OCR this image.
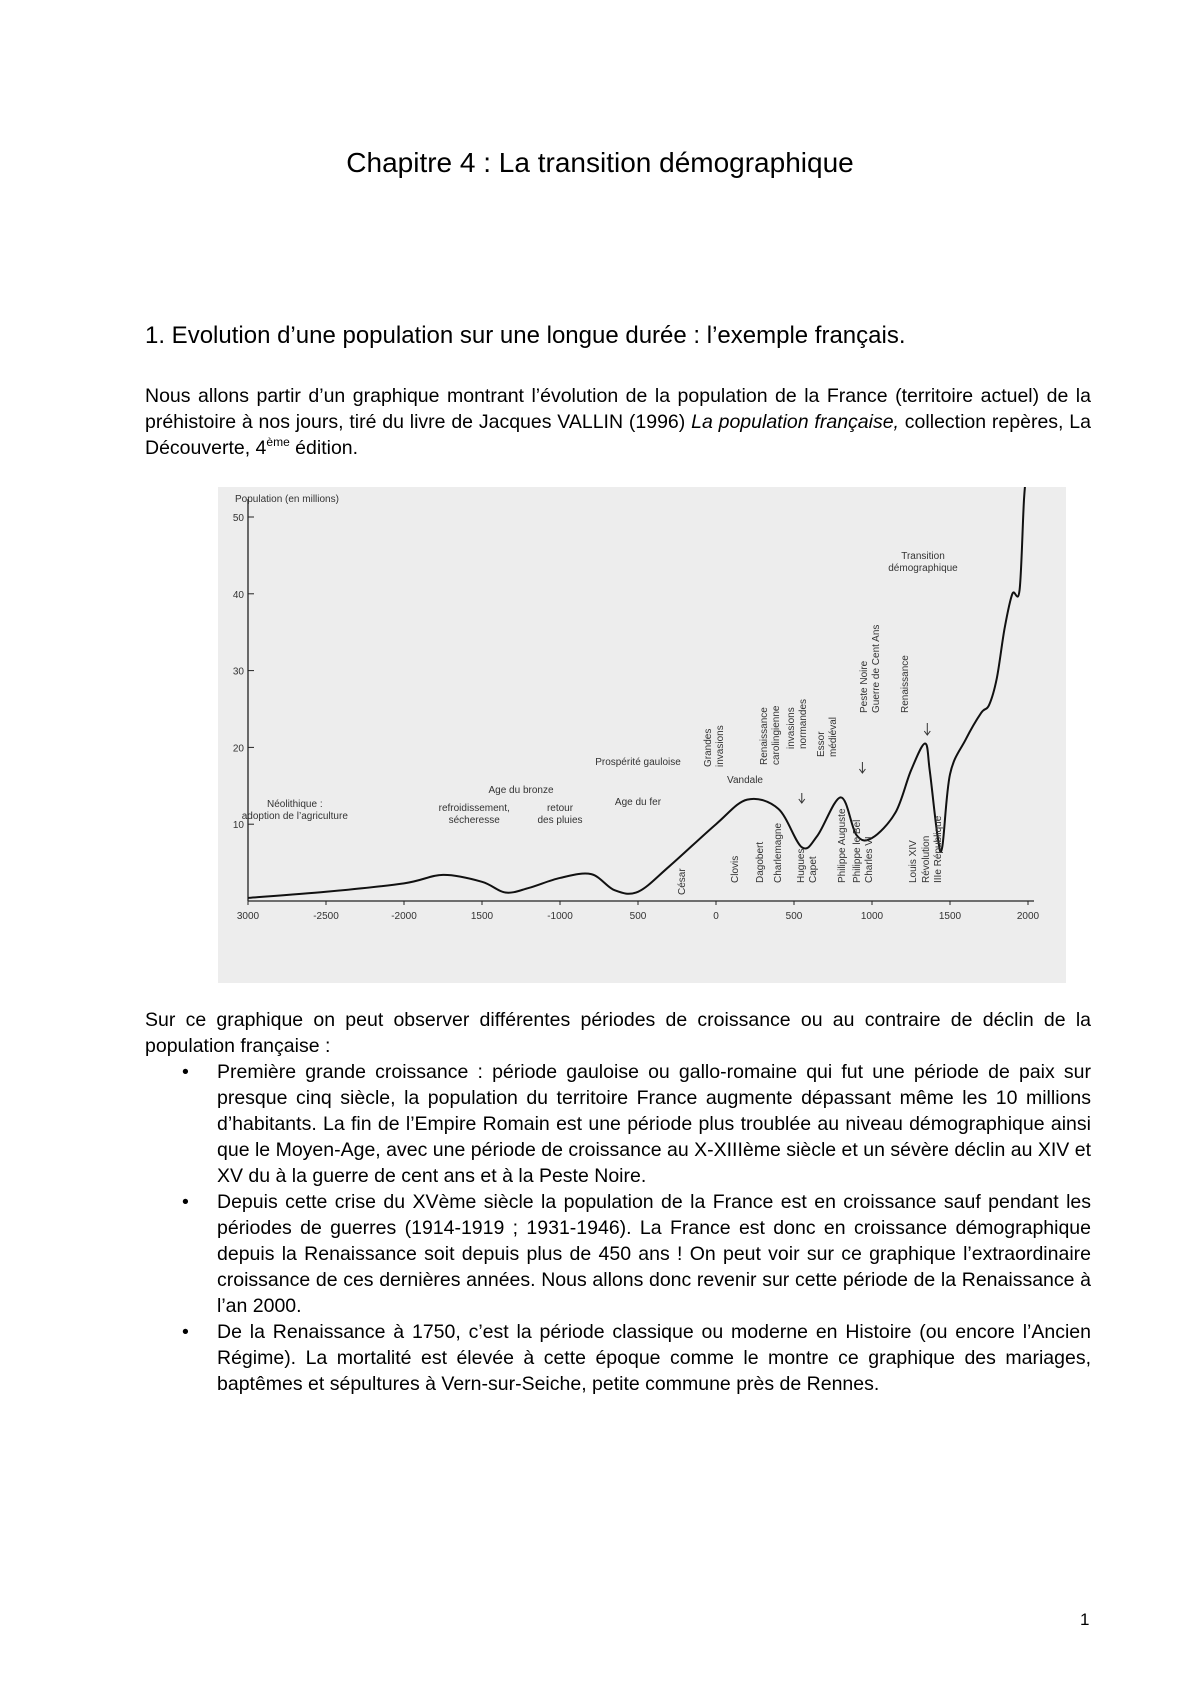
Chapitre 4 : La transition démographique
1. Evolution d’une population sur une longue durée : l’exemple français.

Nous allons partir d’un graphique montrant l’évolution de la population de la France (territoire actuel) de la préhistoire à nos jours, tiré du livre de Jacques VALLIN (1996) La population française, collection repères, La Découverte, 4ème édition.

Population (en millions)
10
20
30
40
50
3000	-2500	-2000	1500	-1000	500	0	500	1000	1500	2000
Néolithique :
adoption de l’agriculture
Age du bronze
refroidissement,
sécheresse
retour
des pluies
Age du fer
Prospérité gauloise
César
Grandes invasions
Vandale
Clovis Dagobert Charlemagne
Renaissance carolingienne invasions normandes Essor médiéval
Hugues Capet Philippe Auguste Philippe le Bel Charles VI
Peste Noire Guerre de Cent Ans Renaissance
Louis XIV Révolution IIIe République
Transition
démographique

Sur ce graphique on peut observer différentes périodes de croissance ou au contraire de déclin de la population française :

• Première grande croissance : période gauloise ou gallo-romaine qui fut une période de paix sur presque cinq siècle, la population du territoire France augmente dépassant même les 10 millions d’habitants. La fin de l’Empire Romain est une période plus troublée au niveau démographique ainsi que le Moyen-Age, avec une période de croissance au X-XIIIème siècle et un sévère déclin au XIV et XV du à la guerre de cent ans et à la Peste Noire.
• Depuis cette crise du XVème siècle la population de la France est en croissance sauf pendant les périodes de guerres (1914-1919 ; 1931-1946). La France est donc en croissance démographique depuis la Renaissance soit depuis plus de 450 ans ! On peut voir sur ce graphique l’extraordinaire croissance de ces dernières années. Nous allons donc revenir sur cette période de la Renaissance à l’an 2000.
• De la Renaissance à 1750, c’est la période classique ou moderne en Histoire (ou encore l’Ancien Régime). La mortalité est élevée à cette époque comme le montre ce graphique des mariages, baptêmes et sépultures à Vern-sur-Seiche, petite commune près de Rennes.
1
